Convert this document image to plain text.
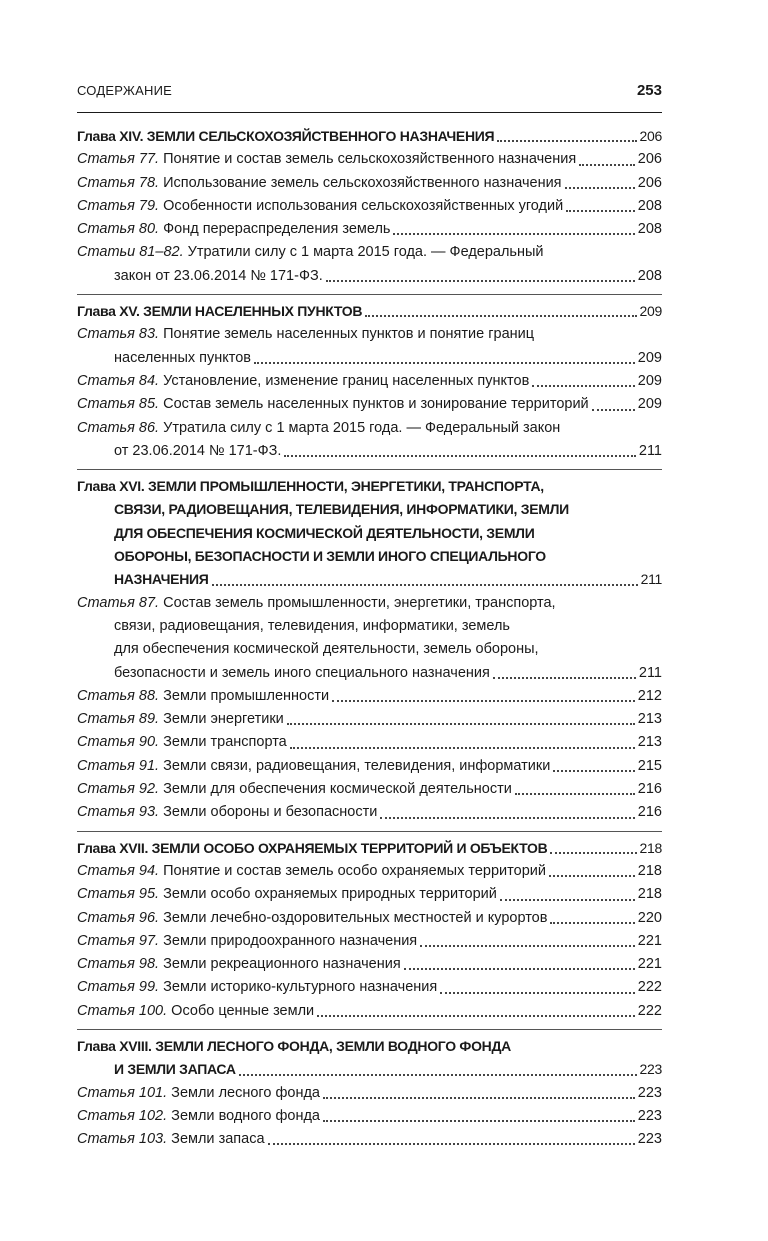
СОДЕРЖАНИЕ	253
Глава XIV. ЗЕМЛИ СЕЛЬСКОХОЗЯЙСТВЕННОГО НАЗНАЧЕНИЯ	206
Статья 77. Понятие и состав земель сельскохозяйственного назначения	206
Статья 78. Использование земель сельскохозяйственного назначения	206
Статья 79. Особенности использования сельскохозяйственных угодий	208
Статья 80. Фонд перераспределения земель	208
Статьи 81–82. Утратили силу с 1 марта 2015 года. — Федеральный
закон от 23.06.2014 № 171-ФЗ.	208
Глава XV. ЗЕМЛИ НАСЕЛЕННЫХ ПУНКТОВ	209
Статья 83. Понятие земель населенных пунктов и понятие границ
населенных пунктов	209
Статья 84. Установление, изменение границ населенных пунктов	209
Статья 85. Состав земель населенных пунктов и зонирование территорий	209
Статья 86. Утратила силу с 1 марта 2015 года. — Федеральный закон
от 23.06.2014 № 171-ФЗ.	211
Глава XVI. ЗЕМЛИ ПРОМЫШЛЕННОСТИ, ЭНЕРГЕТИКИ, ТРАНСПОРТА,
СВЯЗИ, РАДИОВЕЩАНИЯ, ТЕЛЕВИДЕНИЯ, ИНФОРМАТИКИ, ЗЕМЛИ
ДЛЯ ОБЕСПЕЧЕНИЯ КОСМИЧЕСКОЙ ДЕЯТЕЛЬНОСТИ, ЗЕМЛИ
ОБОРОНЫ, БЕЗОПАСНОСТИ И ЗЕМЛИ ИНОГО СПЕЦИАЛЬНОГО
НАЗНАЧЕНИЯ	211
Статья 87. Состав земель промышленности, энергетики, транспорта,
связи, радиовещания, телевидения, информатики, земель
для обеспечения космической деятельности, земель обороны,
безопасности и земель иного специального назначения	211
Статья 88. Земли промышленности	212
Статья 89. Земли энергетики	213
Статья 90. Земли транспорта	213
Статья 91. Земли связи, радиовещания, телевидения, информатики	215
Статья 92. Земли для обеспечения космической деятельности	216
Статья 93. Земли обороны и безопасности	216
Глава XVII. ЗЕМЛИ ОСОБО ОХРАНЯЕМЫХ ТЕРРИТОРИЙ И ОБЪЕКТОВ	218
Статья 94. Понятие и состав земель особо охраняемых территорий	218
Статья 95. Земли особо охраняемых природных территорий	218
Статья 96. Земли лечебно-оздоровительных местностей и курортов	220
Статья 97. Земли природоохранного назначения	221
Статья 98. Земли рекреационного назначения	221
Статья 99. Земли историко-культурного назначения	222
Статья 100. Особо ценные земли	222
Глава XVIII. ЗЕМЛИ ЛЕСНОГО ФОНДА, ЗЕМЛИ ВОДНОГО ФОНДА
И ЗЕМЛИ ЗАПАСА	223
Статья 101. Земли лесного фонда	223
Статья 102. Земли водного фонда	223
Статья 103. Земли запаса	223
